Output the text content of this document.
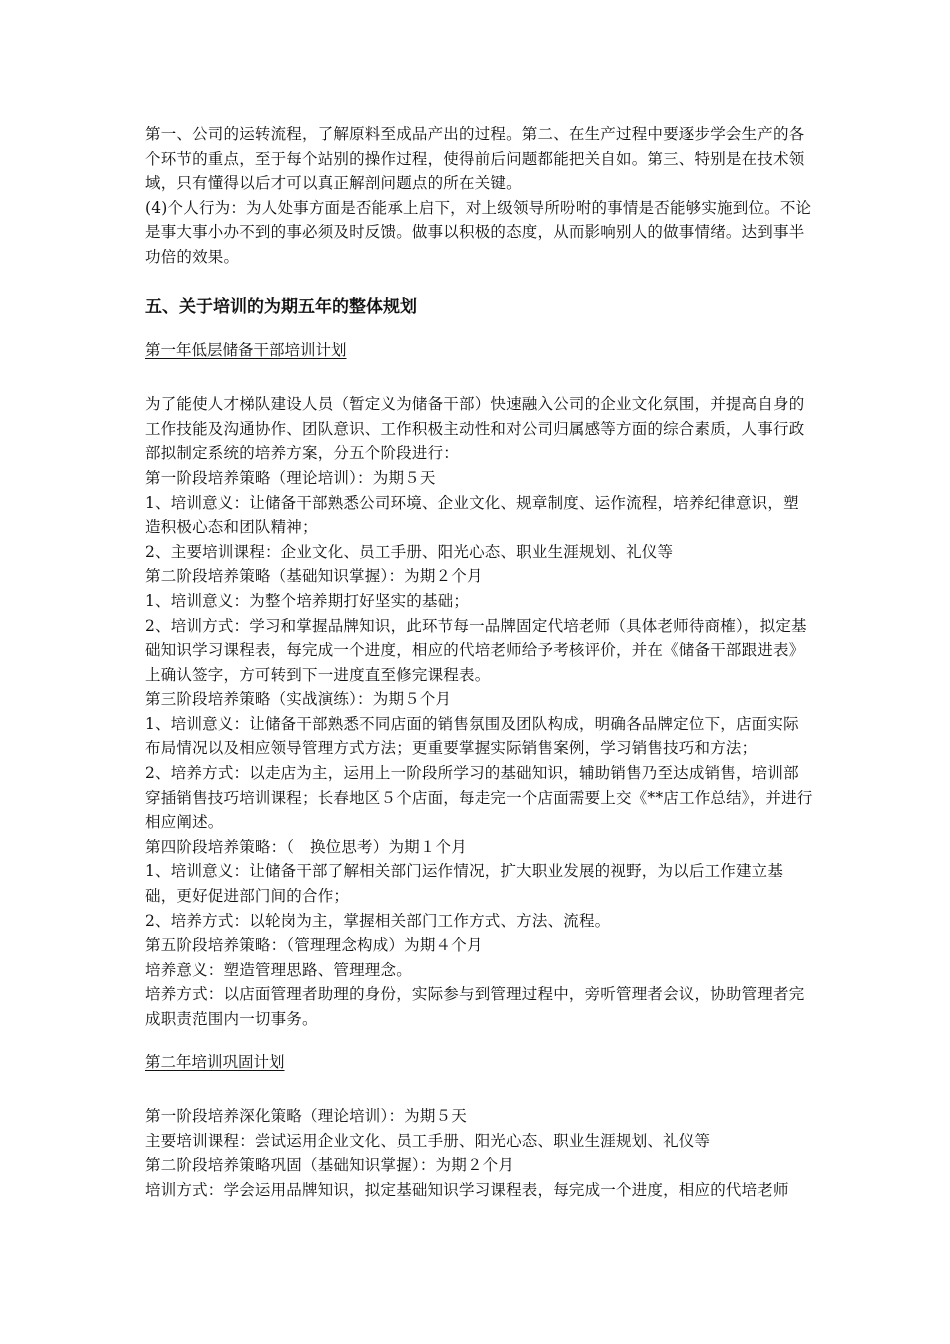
第一、公司的运转流程，了解原料至成品产出的过程。第二、在生产过程中要逐步学会生产的各个环节的重点，至于每个站别的操作过程，使得前后问题都能把关自如。第三、特别是在技术领域，只有懂得以后才可以真正解剖问题点的所在关键。

(4)个人行为：为人处事方面是否能承上启下，对上级领导所吩咐的事情是否能够实施到位。不论是事大事小办不到的事必须及时反馈。做事以积极的态度，从而影响别人的做事情绪。达到事半功倍的效果。

五、关于培训的为期五年的整体规划
第一年低层储备干部培训计划

为了能使人才梯队建设人员（暂定义为储备干部）快速融入公司的企业文化氛围，并提高自身的工作技能及沟通协作、团队意识、工作积极主动性和对公司归属感等方面的综合素质，人事行政部拟制定系统的培养方案，分五个阶段进行：

第一阶段培养策略（理论培训）：为期５天

1、培训意义：让储备干部熟悉公司环境、企业文化、规章制度、运作流程，培养纪律意识，塑造积极心态和团队精神；

2、主要培训课程：企业文化、员工手册、阳光心态、职业生涯规划、礼仪等

第二阶段培养策略（基础知识掌握）：为期２个月

1、培训意义：为整个培养期打好坚实的基础；

2、培训方式：学习和掌握品牌知识，此环节每一品牌固定代培老师（具体老师待商榷），拟定基础知识学习课程表，每完成一个进度，相应的代培老师给予考核评价，并在《储备干部跟进表》上确认签字，方可转到下一进度直至修完课程表。

第三阶段培养策略（实战演练）：为期５个月

1、培训意义：让储备干部熟悉不同店面的销售氛围及团队构成，明确各品牌定位下，店面实际布局情况以及相应领导管理方式方法；更重要掌握实际销售案例，学习销售技巧和方法；

2、培养方式：以走店为主，运用上一阶段所学习的基础知识，辅助销售乃至达成销售，培训部穿插销售技巧培训课程；长春地区５个店面，每走完一个店面需要上交《**店工作总结》，并进行相应阐述。

第四阶段培养策略：（　换位思考）为期１个月

1、培训意义：让储备干部了解相关部门运作情况，扩大职业发展的视野，为以后工作建立基础，更好促进部门间的合作；

2、培养方式：以轮岗为主，掌握相关部门工作方式、方法、流程。

第五阶段培养策略：（管理理念构成）为期４个月

培养意义：塑造管理思路、管理理念。

培养方式：以店面管理者助理的身份，实际参与到管理过程中，旁听管理者会议，协助管理者完成职责范围内一切事务。

第二年培训巩固计划

第一阶段培养深化策略（理论培训）：为期５天

主要培训课程：尝试运用企业文化、员工手册、阳光心态、职业生涯规划、礼仪等

第二阶段培养策略巩固（基础知识掌握）：为期２个月

培训方式：学会运用品牌知识，拟定基础知识学习课程表，每完成一个进度，相应的代培老师
